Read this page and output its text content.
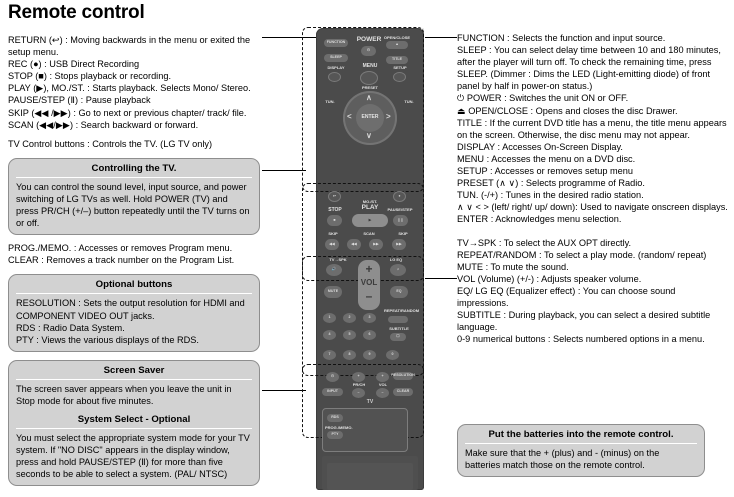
Remote control
RETURN (↩) : Moving backwards in the menu or exited the setup menu.
REC (●) : USB Direct Recording
STOP (■) : Stops playback or recording.
PLAY (▶), MO./ST. : Starts playback. Selects Mono/ Stereo.
PAUSE/STEP (Ⅱ) : Pause playback
SKIP (◀◀ /▶▶) : Go to next or previous chapter/ track/ file.
SCAN (◀◀/▶▶) : Search backward or forward.
TV Control buttons : Controls the TV. (LG TV only)
Controlling the TV.
You can control the sound level, input source, and power switching of LG TVs as well. Hold POWER (TV) and press PR/CH (+/–) button repeatedly until the TV turns on or off.
PROG./MEMO. : Accesses or removes Program menu.
CLEAR : Removes a track number on the Program List.
Optional buttons
RESOLUTION : Sets the output resolution for HDMI and COMPONENT VIDEO OUT jacks.
RDS : Radio Data System.
PTY : Views the various displays of the RDS.
Screen Saver
The screen saver appears when you leave the unit in Stop mode for about five minutes.
System Select - Optional
You must select the appropriate system mode for your TV system. If "NO DISC" appears in the display window, press and hold PAUSE/STEP (Ⅱ) for more than five seconds to be able to select a system. (PAL/ NTSC)
FUNCTION : Selects the function and input source.
SLEEP : You can select delay time between 10 and 180 minutes, after the player will turn off. To check the remaining time, press SLEEP. (Dimmer : Dims the LED (Light-emitting diode) of front panel by half in power-on status.)
⏻ POWER : Switches the unit ON or OFF.
⏏ OPEN/CLOSE : Opens and closes the disc Drawer.
TITLE : If the current DVD title has a menu, the title menu appears on the screen. Otherwise, the disc menu may not appear.
DISPLAY : Accesses On-Screen Display.
MENU : Accesses the menu on a DVD disc.
SETUP : Accesses or removes setup menu
PRESET (∧ ∨) : Selects programme of Radio.
TUN. (-/+) : Tunes in the desired radio station.
∧ ∨ < > (left/ right/ up/ down): Used to navigate onscreen displays.
ENTER : Acknowledges menu selection.
TV→SPK : To select the AUX OPT directly.
REPEAT/RANDOM : To select a play mode. (random/ repeat)
MUTE : To mute the sound.
VOL (Volume) (+/-) : Adjusts speaker volume.
EQ/ LG EQ (Equalizer effect) : You can choose sound impressions.
SUBTITLE : During playback, you can select a desired subtitle language.
0-9 numerical buttons : Selects numbered options in a menu.
Put the batteries into the remote control.
Make sure that the + (plus) and - (minus) on the batteries match those on the remote control.
FUNCTION	POWER
⏻
OPEN/CLOSE
▲
SLEEP	TITLE
DISPLAY	MENU	SETUP
PRESET
ENTER
∧
∨
<	>
TUN.	TUN.
↩	●
STOP
MO./ST.
PLAY	PAUSE/STEP
■	▶	❙❙
SKIP	SCAN	SKIP
◀◀	◀◀	▶▶	▶▶
TV→SPK	LG EQ
🔊	♫
+
VOL
–
MUTE	EQ
REPEAT/RANDOM
SUBTITLE
☐
1	2	3
4	5	6
7	8	9	0
⏻	+	+ RESOLUTION
PR/CH	VOL
INPUT	–	–	CLEAR
TV
RDS
PROG./MEMO.
PTY
